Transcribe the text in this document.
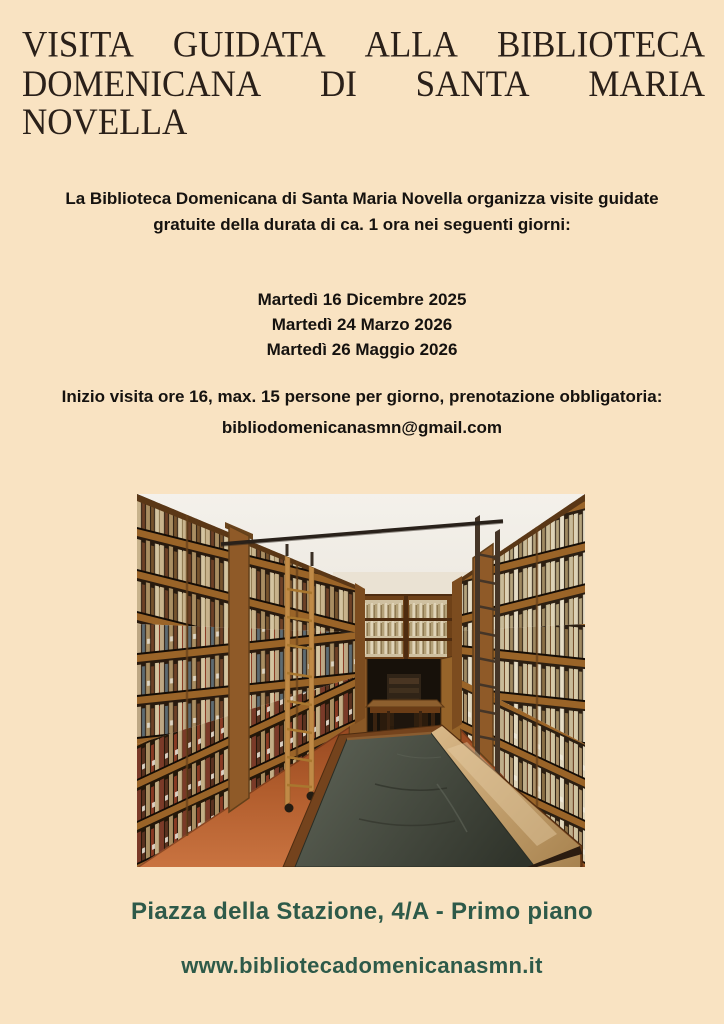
VISITA GUIDATA ALLA BIBLIOTECA
DOMENICANA DI SANTA MARIA
NOVELLA

La Biblioteca Domenicana di Santa Maria Novella organizza visite guidate gratuite della durata di ca. 1 ora nei seguenti giorni:

Martedì 16 Dicembre 2025
Martedì 24 Marzo 2026
Martedì 26 Maggio 2026
Inizio visita ore 16, max. 15 persone per giorno, prenotazione obbligatoria:
bibliodomenicanasmn@gmail.com
Piazza della Stazione, 4/A - Primo piano
www.bibliotecadomenicanasmn.it
